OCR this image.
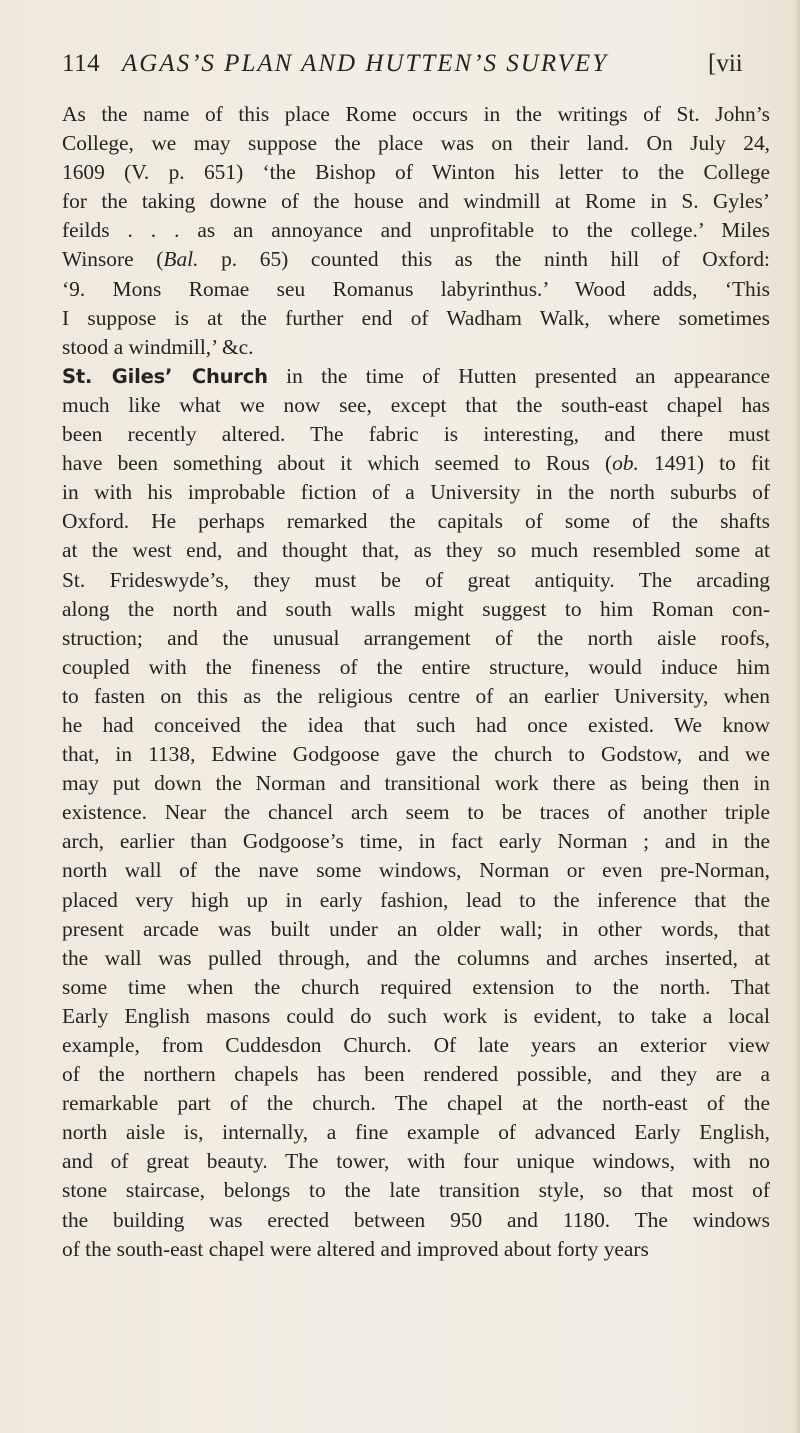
114 AGAS’S PLAN AND HUTTEN’S SURVEY	[vii
As the name of this place Rome occurs in the writings of St. John’s
College, we may suppose the place was on their land. On July 24,
1609 (V. p. 651) ‘the Bishop of Winton his letter to the College
for the taking downe of the house and windmill at Rome in S. Gyles’
feilds . . . as an annoyance and unprofitable to the college.’ Miles
Winsore (Bal. p. 65) counted this as the ninth hill of Oxford:
‘9. Mons Romae seu Romanus labyrinthus.’ Wood adds, ‘This
I suppose is at the further end of Wadham Walk, where sometimes
stood a windmill,’ &c.
St. Giles’ Church in the time of Hutten presented an appearance
much like what we now see, except that the south-east chapel has
been recently altered. The fabric is interesting, and there must
have been something about it which seemed to Rous (ob. 1491) to fit
in with his improbable fiction of a University in the north suburbs of
Oxford. He perhaps remarked the capitals of some of the shafts
at the west end, and thought that, as they so much resembled some at
St. Frideswyde’s, they must be of great antiquity. The arcading
along the north and south walls might suggest to him Roman con-
struction; and the unusual arrangement of the north aisle roofs,
coupled with the fineness of the entire structure, would induce him
to fasten on this as the religious centre of an earlier University, when
he had conceived the idea that such had once existed. We know
that, in 1138, Edwine Godgoose gave the church to Godstow, and we
may put down the Norman and transitional work there as being then in
existence. Near the chancel arch seem to be traces of another triple
arch, earlier than Godgoose’s time, in fact early Norman ; and in the
north wall of the nave some windows, Norman or even pre-Norman,
placed very high up in early fashion, lead to the inference that the
present arcade was built under an older wall; in other words, that
the wall was pulled through, and the columns and arches inserted, at
some time when the church required extension to the north. That
Early English masons could do such work is evident, to take a local
example, from Cuddesdon Church. Of late years an exterior view
of the northern chapels has been rendered possible, and they are a
remarkable part of the church. The chapel at the north-east of the
north aisle is, internally, a fine example of advanced Early English,
and of great beauty. The tower, with four unique windows, with no
stone staircase, belongs to the late transition style, so that most of
the building was erected between 950 and 1180. The windows
of the south-east chapel were altered and improved about forty years
